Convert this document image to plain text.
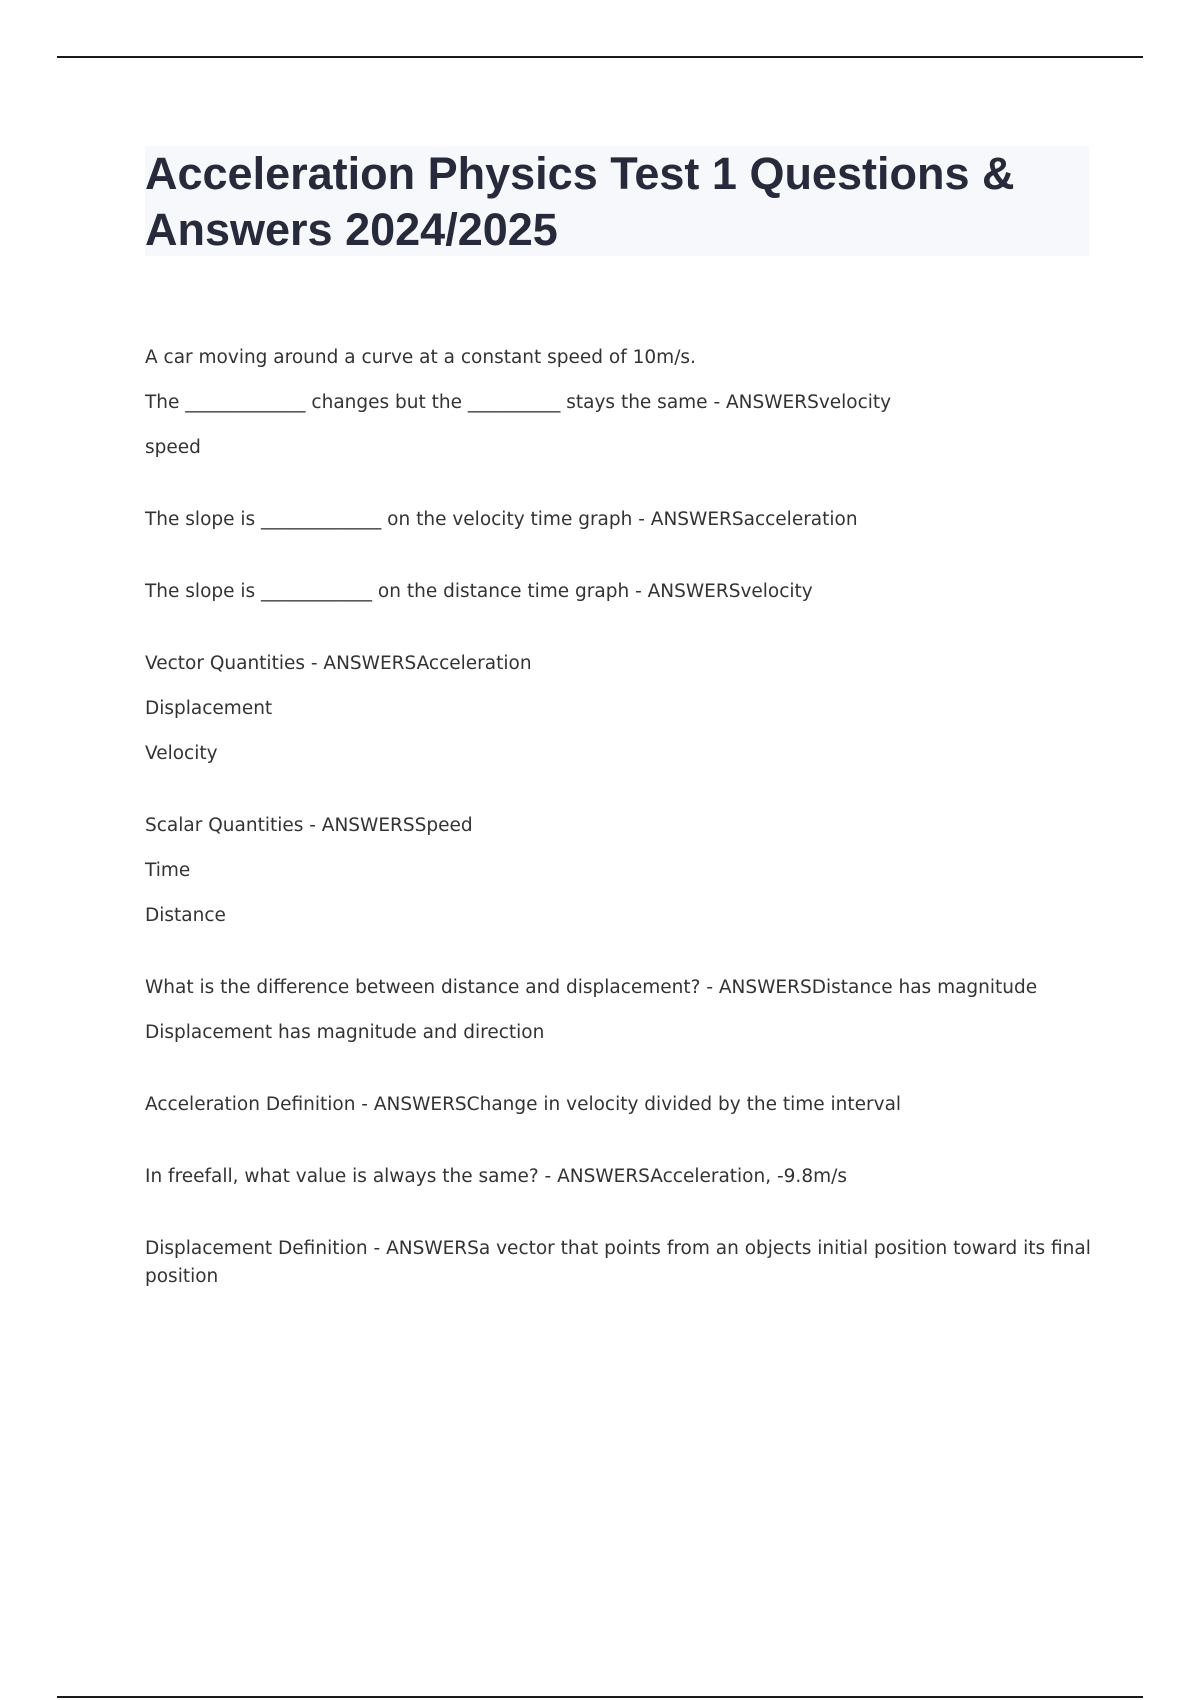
Acceleration Physics Test 1 Questions & Answers 2024/2025

A car moving around a curve at a constant speed of 10m/s.

The _____________ changes but the __________ stays the same - ANSWERSvelocity

speed

The slope is _____________ on the velocity time graph - ANSWERSacceleration

The slope is ____________ on the distance time graph - ANSWERSvelocity

Vector Quantities - ANSWERSAcceleration

Displacement

Velocity

Scalar Quantities - ANSWERSSpeed

Time

Distance

What is the difference between distance and displacement? - ANSWERSDistance has magnitude

Displacement has magnitude and direction

Acceleration Definition - ANSWERSChange in velocity divided by the time interval

In freefall, what value is always the same? - ANSWERSAcceleration, -9.8m/s

Displacement Definition - ANSWERSa vector that points from an objects initial position toward its final position
